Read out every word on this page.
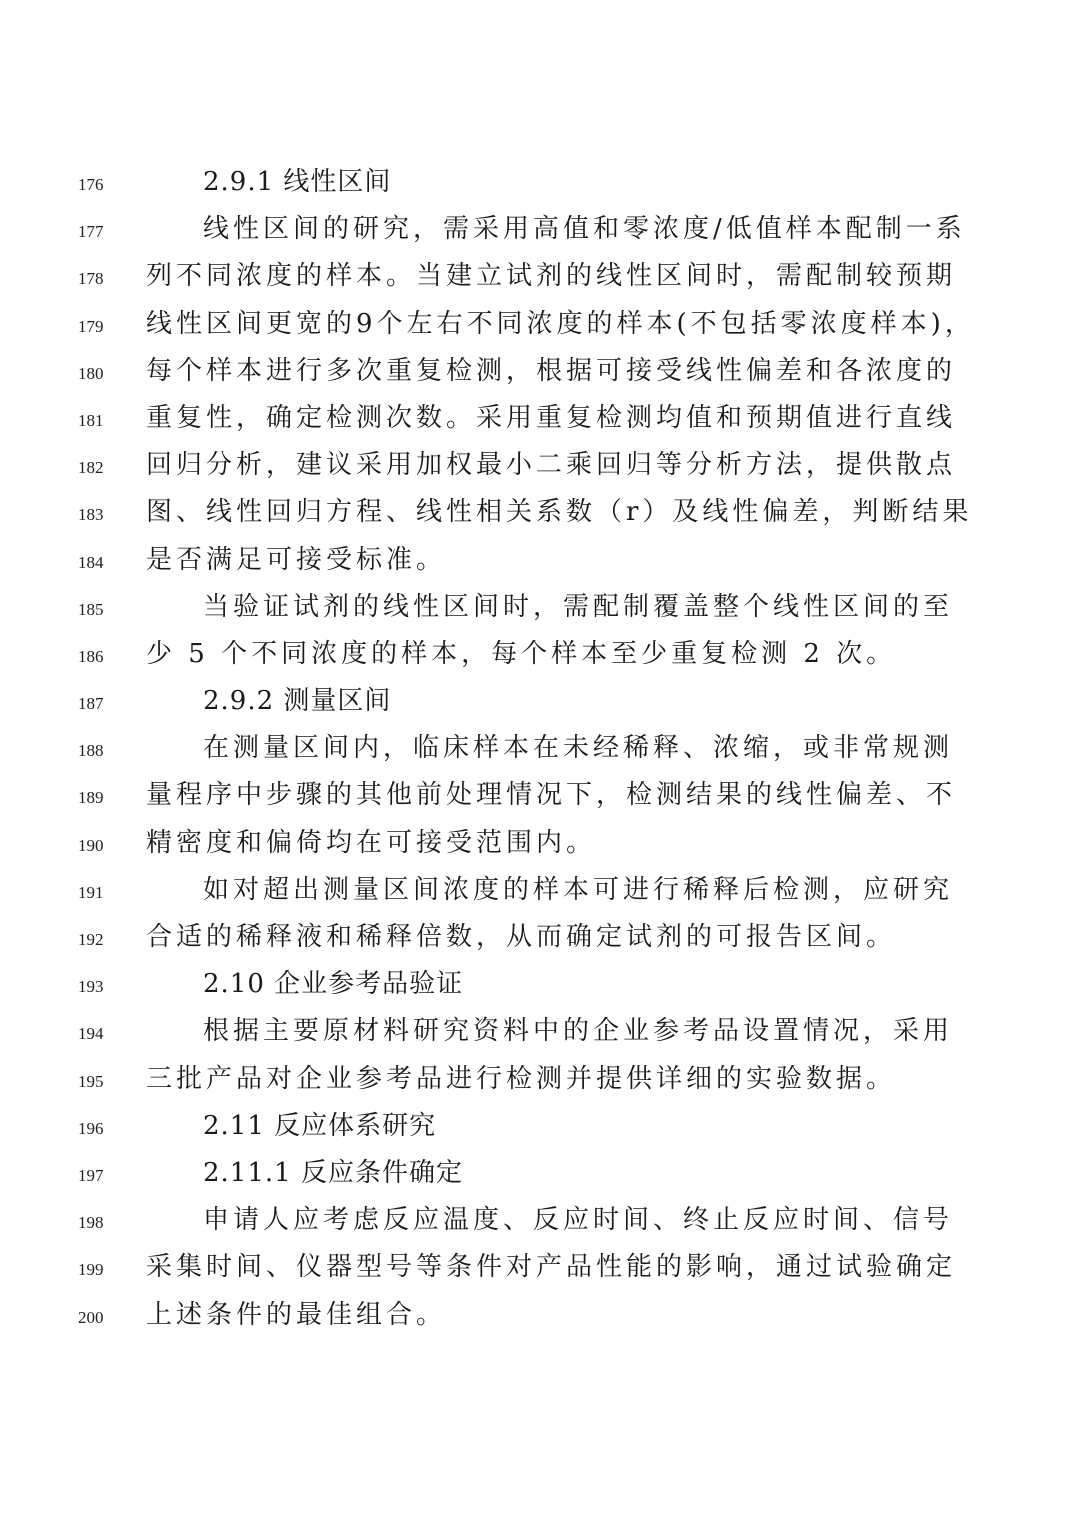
176	2.9.1 线性区间
177	线性区间的研究，需采用高值和零浓度/低值样本配制一系
178	列不同浓度的样本。当建立试剂的线性区间时，需配制较预期
179	线性区间更宽的9个左右不同浓度的样本(不包括零浓度样本)，
180	每个样本进行多次重复检测，根据可接受线性偏差和各浓度的
181	重复性，确定检测次数。采用重复检测均值和预期值进行直线
182	回归分析，建议采用加权最小二乘回归等分析方法，提供散点
183	图、线性回归方程、线性相关系数（r）及线性偏差，判断结果
184	是否满足可接受标准。
185	当验证试剂的线性区间时，需配制覆盖整个线性区间的至
186	少 5 个不同浓度的样本，每个样本至少重复检测 2 次。
187	2.9.2 测量区间
188	在测量区间内，临床样本在未经稀释、浓缩，或非常规测
189	量程序中步骤的其他前处理情况下，检测结果的线性偏差、不
190	精密度和偏倚均在可接受范围内。
191	如对超出测量区间浓度的样本可进行稀释后检测，应研究
192	合适的稀释液和稀释倍数，从而确定试剂的可报告区间。
193	2.10 企业参考品验证
194	根据主要原材料研究资料中的企业参考品设置情况，采用
195	三批产品对企业参考品进行检测并提供详细的实验数据。
196	2.11 反应体系研究
197	2.11.1 反应条件确定
198	申请人应考虑反应温度、反应时间、终止反应时间、信号
199	采集时间、仪器型号等条件对产品性能的影响，通过试验确定
200	上述条件的最佳组合。
